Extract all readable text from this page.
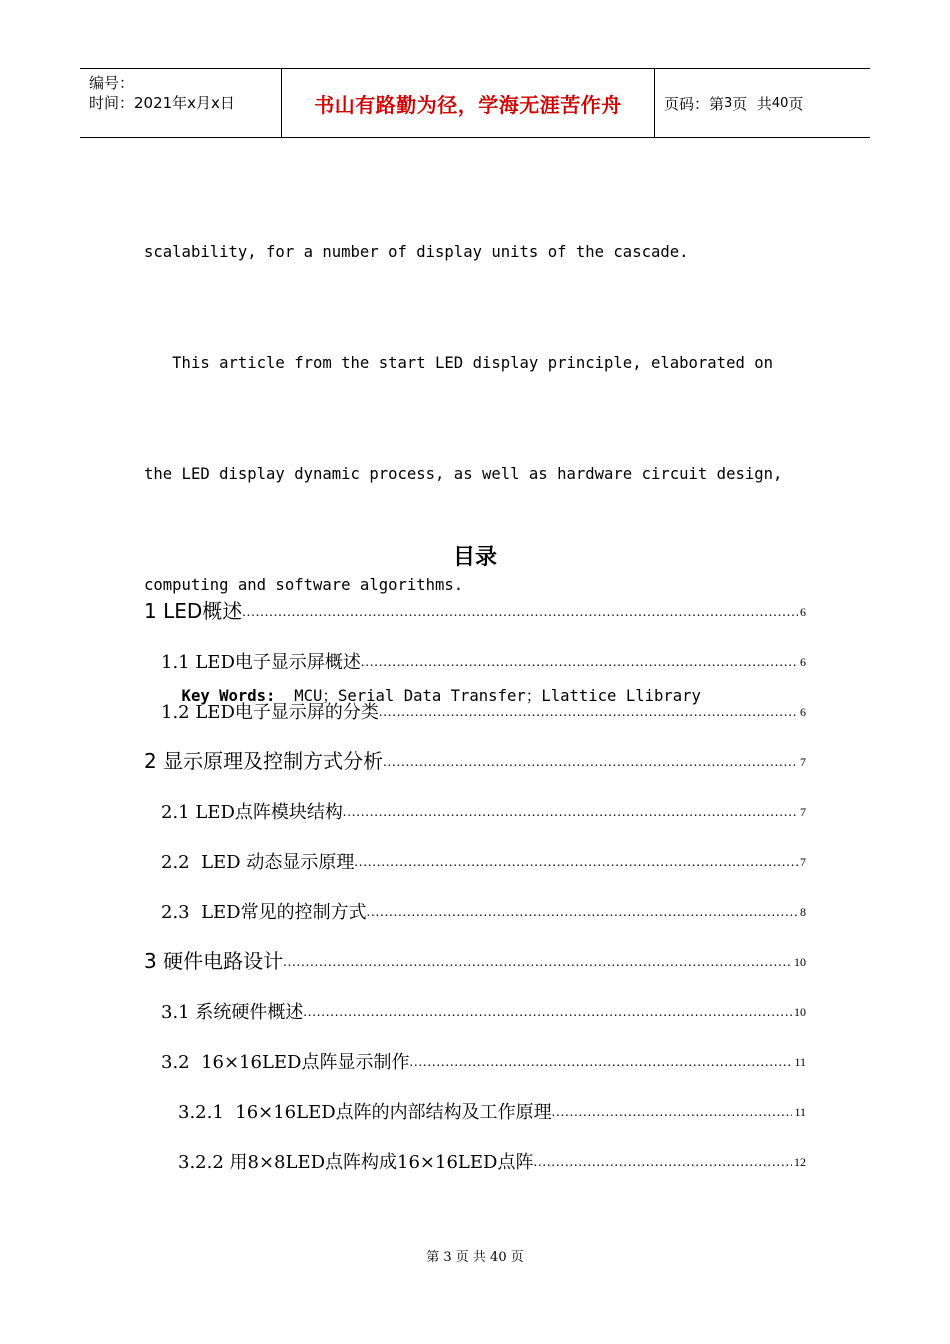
编号：
时间：2021年x月x日	书山有路勤为径，学海无涯苦作舟	页码：第 3 页  共 40 页

scalability, for a number of display units of the cascade.

This article from the start LED display principle, elaborated on

the LED display dynamic process, as well as hardware circuit design,

computing and software algorithms.

Key Words:  MCU；Serial Data Transfer；Llattice Llibrary

目录
1 LED概述 .....	6
1.1 LED电子显示屏概述 .....	6
1.2 LED电子显示屏的分类 .....	6
2 显示原理及控制方式分析 .....	7
2.1 LED点阵模块结构 .....	7
2.2  LED 动态显示原理 .....	7
2.3  LED常见的控制方式 .....	8
3 硬件电路设计 .....	10
3.1 系统硬件概述 .....	10
3.2  16×16LED点阵显示制作 .....	11
3.2.1  16×16LED点阵的内部结构及工作原理 .....	11
3.2.2 用8×8LED点阵构成16×16LED点阵 .....	12
第 3 页 共 40 页
